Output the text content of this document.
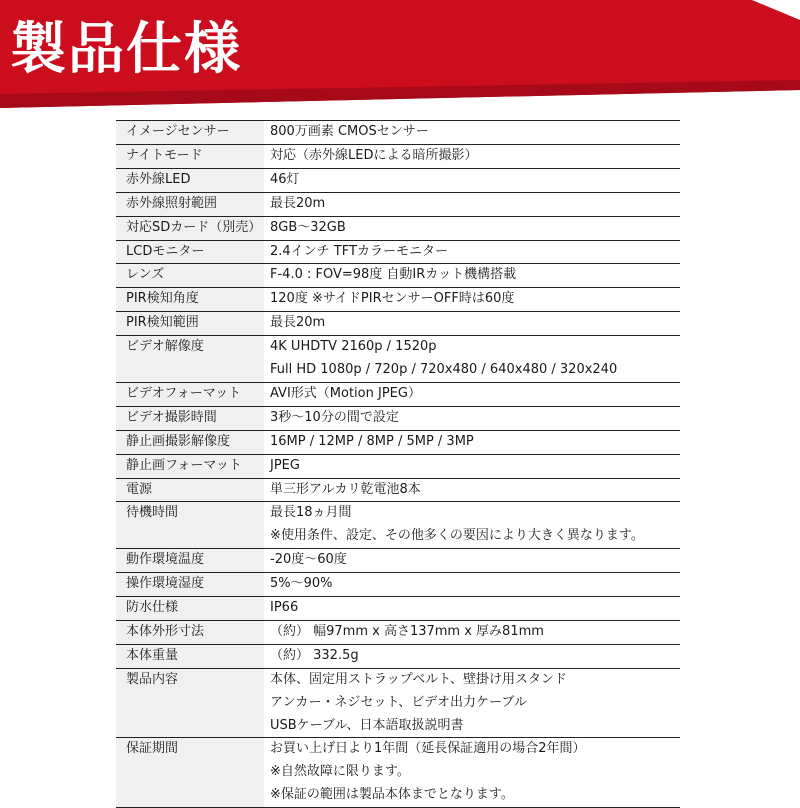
製品仕様
イメージセンサー	800万画素 CMOSセンサー

ナイトモード	対応（赤外線LEDによる暗所撮影）

赤外線LED	46灯

赤外線照射範囲	最長20m

対応SDカード（別売）	8GB～32GB

LCDモニター	2.4インチ TFTカラーモニター

レンズ	F-4.0 : FOV=98度 自動IRカット機構搭載

PIR検知角度	120度 ※サイドPIRセンサーOFF時は60度

PIR検知範囲	最長20m

ビデオ解像度	4K UHDTV 2160p / 1520p
Full HD 1080p / 720p / 720x480 / 640x480 / 320x240

ビデオフォーマット	AVI形式（Motion JPEG）

ビデオ撮影時間	3秒～10分の間で設定

静止画撮影解像度	16MP / 12MP / 8MP / 5MP / 3MP

静止画フォーマット	JPEG

電源	単三形アルカリ乾電池8本

待機時間	最長18ヵ月間
※使用条件、設定、その他多くの要因により大きく異なります。

動作環境温度	-20度～60度

操作環境湿度	5%～90%

防水仕様	IP66

本体外形寸法	（約） 幅97mm x 高さ137mm x 厚み81mm

本体重量	（約） 332.5g

製品内容	本体、固定用ストラップベルト、壁掛け用スタンド
アンカー・ネジセット、ビデオ出力ケーブル
USBケーブル、日本語取扱説明書

保証期間	お買い上げ日より1年間（延長保証適用の場合2年間）
※自然故障に限ります。
※保証の範囲は製品本体までとなります。
